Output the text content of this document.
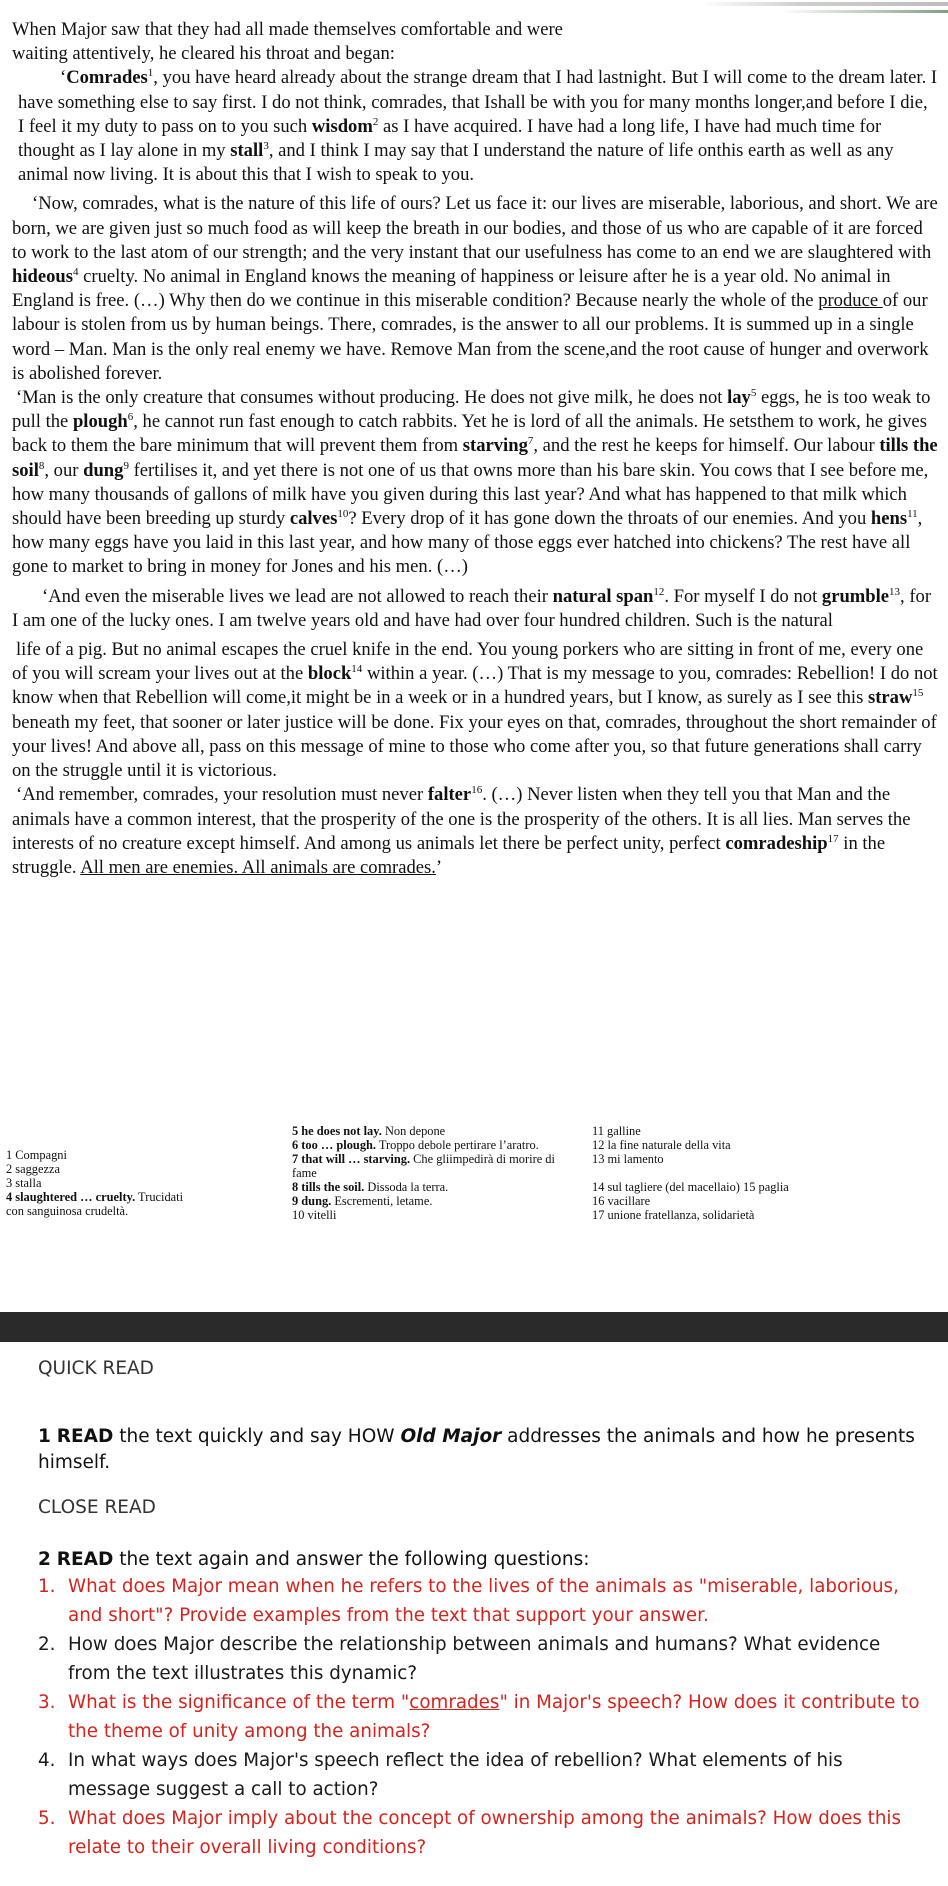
When Major saw that they had all made themselves comfortable and were

waiting attentively, he cleared his throat and began:

‘Comrades$^1$, you have heard already about the strange dream that I had lastnight. But I will come to the dream later. I have something else to say first. I do not think, comrades, that Ishall be with you for many months longer,and before I die, I feel it my duty to pass on to you such wisdom$^2$ as I have acquired. I have had a long life, I have had much time for thought as I lay alone in my stall$^3$, and I think I may say that I understand the nature of life onthis earth as well as any animal now living. It is about this that I wish to speak to you.

‘Now, comrades, what is the nature of this life of ours? Let us face it: our lives are miserable, laborious, and short. We are born, we are given just so much food as will keep the breath in our bodies, and those of us who are capable of it are forced to work to the last atom of our strength; and the very instant that our usefulness has come to an end we are slaughtered with hideous$^4$ cruelty. No animal in England knows the meaning of happiness or leisure after he is a year old. No animal in England is free. (…) Why then do we continue in this miserable condition? Because nearly the whole of the produce of our labour is stolen from us by human beings. There, comrades, is the answer to all our problems. It is summed up in a single word – Man. Man is the only real enemy we have. Remove Man from the scene,and the root cause of hunger and overwork is abolished forever.

‘Man is the only creature that consumes without producing. He does not give milk, he does not lay$^5$ eggs, he is too weak to pull the plough$^6$, he cannot run fast enough to catch rabbits. Yet he is lord of all the animals. He setsthem to work, he gives back to them the bare minimum that will prevent them from starving$^7$, and the rest he keeps for himself. Our labour tills the soil$^8$, our dung$^9$ fertilises it, and yet there is not one of us that owns more than his bare skin. You cows that I see before me, how many thousands of gallons of milk have you given during this last year? And what has happened to that milk which should have been breeding up sturdy calves$^{10}$? Every drop of it has gone down the throats of our enemies. And you hens$^{11}$, how many eggs have you laid in this last year, and how many of those eggs ever hatched into chickens? The rest have all gone to market to bring in money for Jones and his men. (…)

‘And even the miserable lives we lead are not allowed to reach their natural span$^{12}$. For myself I do not grumble$^{13}$, for I am one of the lucky ones. I am twelve years old and have had over four hundred children. Such is the natural

life of a pig. But no animal escapes the cruel knife in the end. You young porkers who are sitting in front of me, every one of you will scream your lives out at the block$^{14}$ within a year. (…) That is my message to you, comrades: Rebellion! I do not know when that Rebellion will come,it might be in a week or in a hundred years, but I know, as surely as I see this straw$^{15}$ beneath my feet, that sooner or later justice will be done. Fix your eyes on that, comrades, throughout the short remainder of your lives! And above all, pass on this message of mine to those who come after you, so that future generations shall carry on the struggle until it is victorious.

‘And remember, comrades, your resolution must never falter$^{16}$. (…) Never listen when they tell you that Man and the animals have a common interest, that the prosperity of the one is the prosperity of the others. It is all lies. Man serves the interests of no creature except himself. And among us animals let there be perfect unity, perfect comradeship$^{17}$ in the struggle. All men are enemies. All animals are comrades.’

1 Compagni
2 saggezza
3 stalla
4 slaughtered … cruelty. Trucidati
con sanguinosa crudeltà.
5 he does not lay. Non depone
6 too … plough. Troppo debole pertirare l’aratro.
7 that will … starving. Che gliimpedirà di morire di
fame
8 tills the soil. Dissoda la terra.
9 dung. Escrementi, letame.
10 vitelli
11 galline
12 la fine naturale della vita
13 mi lamento
14 sul tagliere (del macellaio) 15 paglia
16 vacillare
17 unione fratellanza, solidarietà
QUICK READ
1 READ the text quickly and say HOW Old Major addresses the animals and how he presents himself.
CLOSE READ
2 READ the text again and answer the following questions:
1. What does Major mean when he refers to the lives of the animals as "miserable, laborious, and short"? Provide examples from the text that support your answer.
2. How does Major describe the relationship between animals and humans? What evidence from the text illustrates this dynamic?
3. What is the significance of the term "comrades" in Major's speech? How does it contribute to the theme of unity among the animals?
4. In what ways does Major's speech reflect the idea of rebellion? What elements of his message suggest a call to action?
5. What does Major imply about the concept of ownership among the animals? How does this relate to their overall living conditions?
